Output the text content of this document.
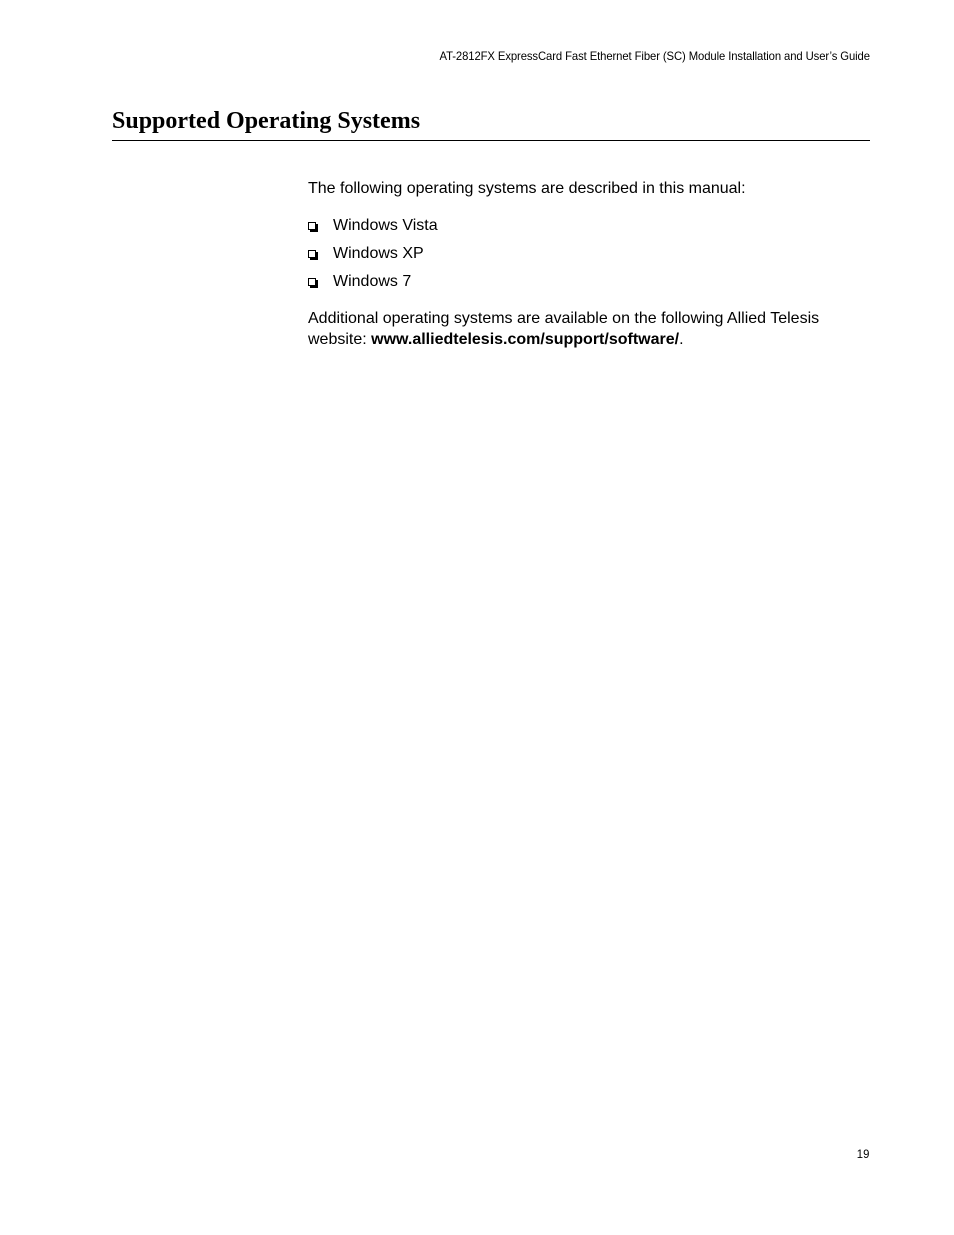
AT-2812FX ExpressCard Fast Ethernet Fiber (SC) Module Installation and User’s Guide
Supported Operating Systems

The following operating systems are described in this manual:

Windows Vista
Windows XP
Windows 7

Additional operating systems are available on the following Allied Telesis website: www.alliedtelesis.com/support/software/.

19
